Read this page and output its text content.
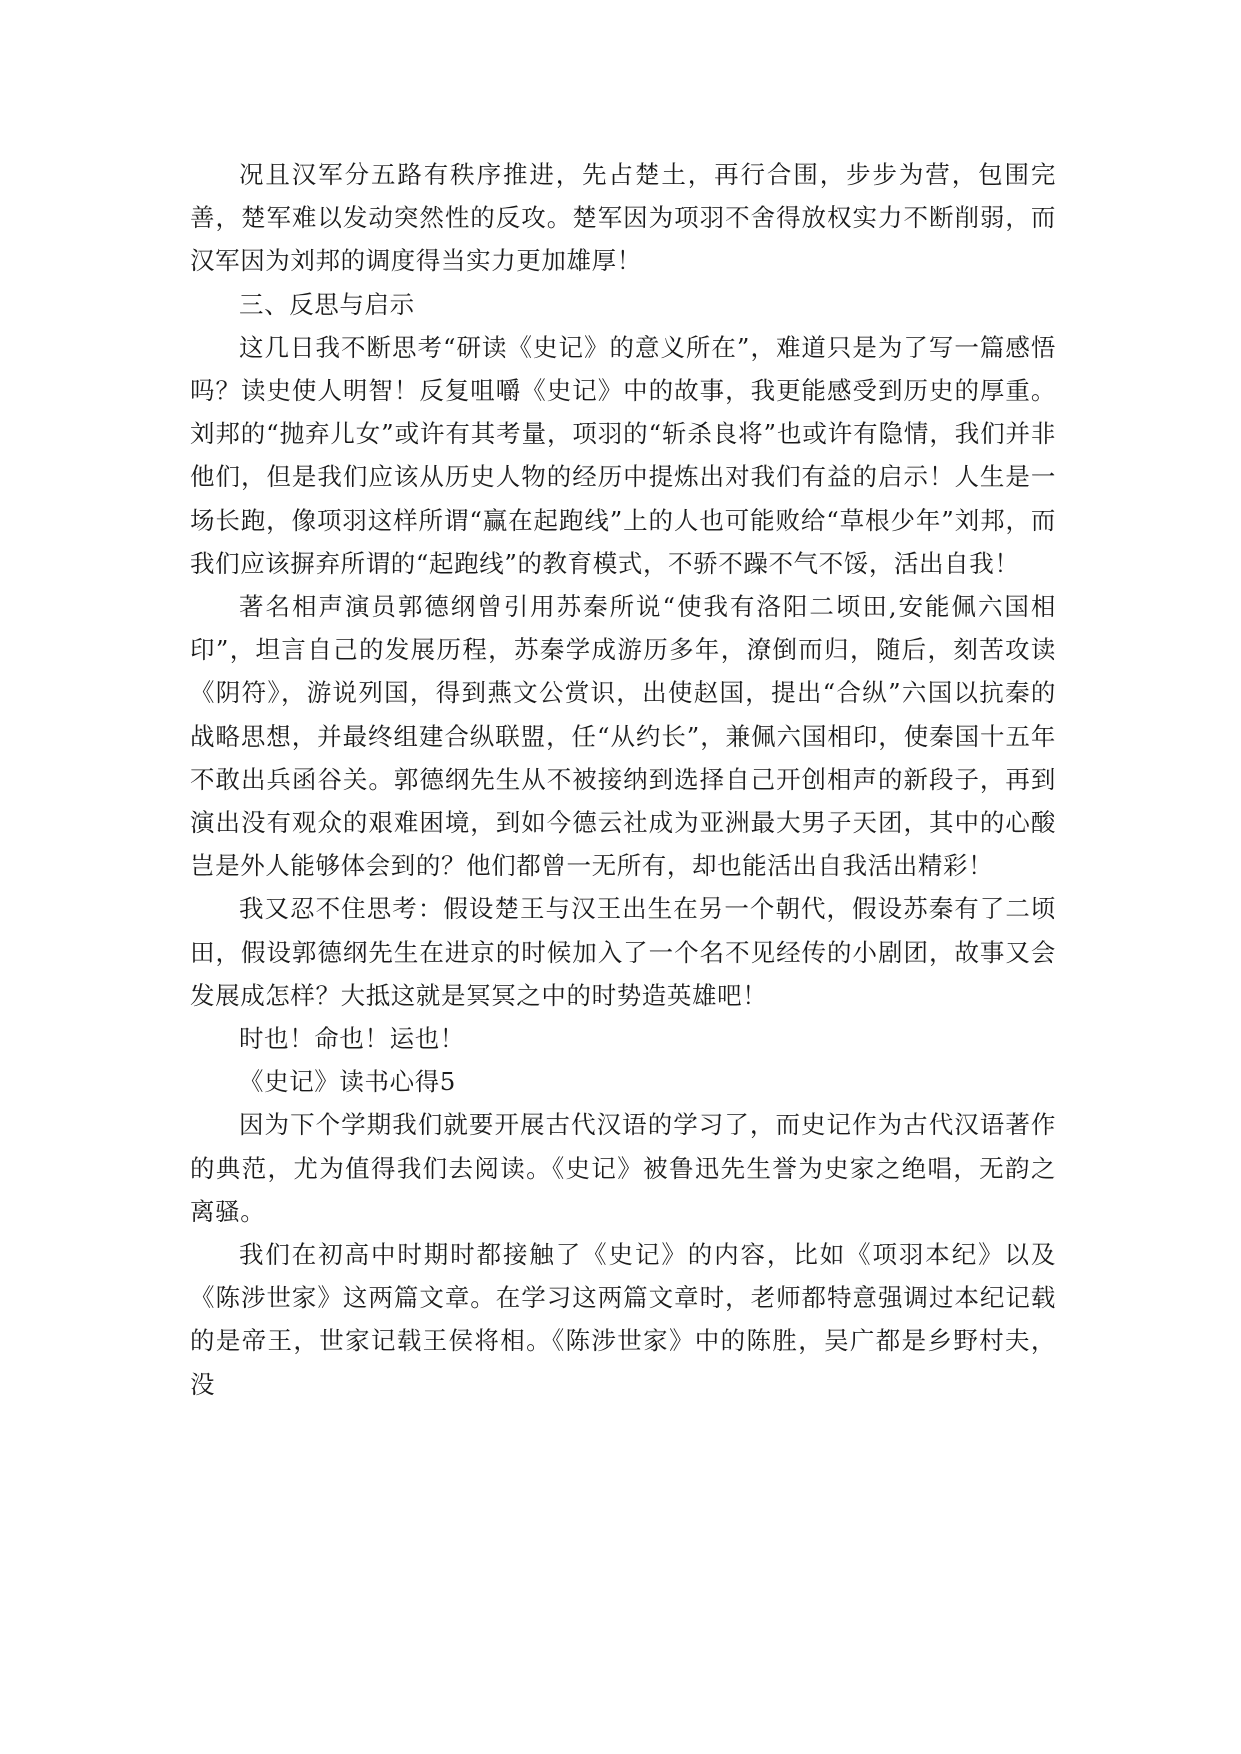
况且汉军分五路有秩序推进，先占楚土，再行合围，步步为营，包围完善，楚军难以发动突然性的反攻。楚军因为项羽不舍得放权实力不断削弱，而汉军因为刘邦的调度得当实力更加雄厚！

三、反思与启示

这几日我不断思考“研读《史记》的意义所在”，难道只是为了写一篇感悟吗？读史使人明智！反复咀嚼《史记》中的故事，我更能感受到历史的厚重。刘邦的“抛弃儿女”或许有其考量，项羽的“斩杀良将”也或许有隐情，我们并非他们，但是我们应该从历史人物的经历中提炼出对我们有益的启示！人生是一场长跑，像项羽这样所谓“赢在起跑线”上的人也可能败给“草根少年”刘邦，而我们应该摒弃所谓的“起跑线”的教育模式，不骄不躁不气不馁，活出自我！

著名相声演员郭德纲曾引用苏秦所说“使我有洛阳二顷田,安能佩六国相印”，坦言自己的发展历程，苏秦学成游历多年，潦倒而归，随后，刻苦攻读《阴符》，游说列国，得到燕文公赏识，出使赵国，提出“合纵”六国以抗秦的战略思想，并最终组建合纵联盟，任“从约长”，兼佩六国相印，使秦国十五年不敢出兵函谷关。郭德纲先生从不被接纳到选择自己开创相声的新段子，再到演出没有观众的艰难困境，到如今德云社成为亚洲最大男子天团，其中的心酸岂是外人能够体会到的？他们都曾一无所有，却也能活出自我活出精彩！

我又忍不住思考：假设楚王与汉王出生在另一个朝代，假设苏秦有了二顷田，假设郭德纲先生在进京的时候加入了一个名不见经传的小剧团，故事又会发展成怎样？大抵这就是冥冥之中的时势造英雄吧！

时也！命也！运也！

《史记》读书心得5

因为下个学期我们就要开展古代汉语的学习了，而史记作为古代汉语著作的典范，尤为值得我们去阅读。《史记》被鲁迅先生誉为史家之绝唱，无韵之离骚。

我们在初高中时期时都接触了《史记》的内容，比如《项羽本纪》以及《陈涉世家》这两篇文章。在学习这两篇文章时，老师都特意强调过本纪记载的是帝王，世家记载王侯将相。《陈涉世家》中的陈胜，吴广都是乡野村夫，没
